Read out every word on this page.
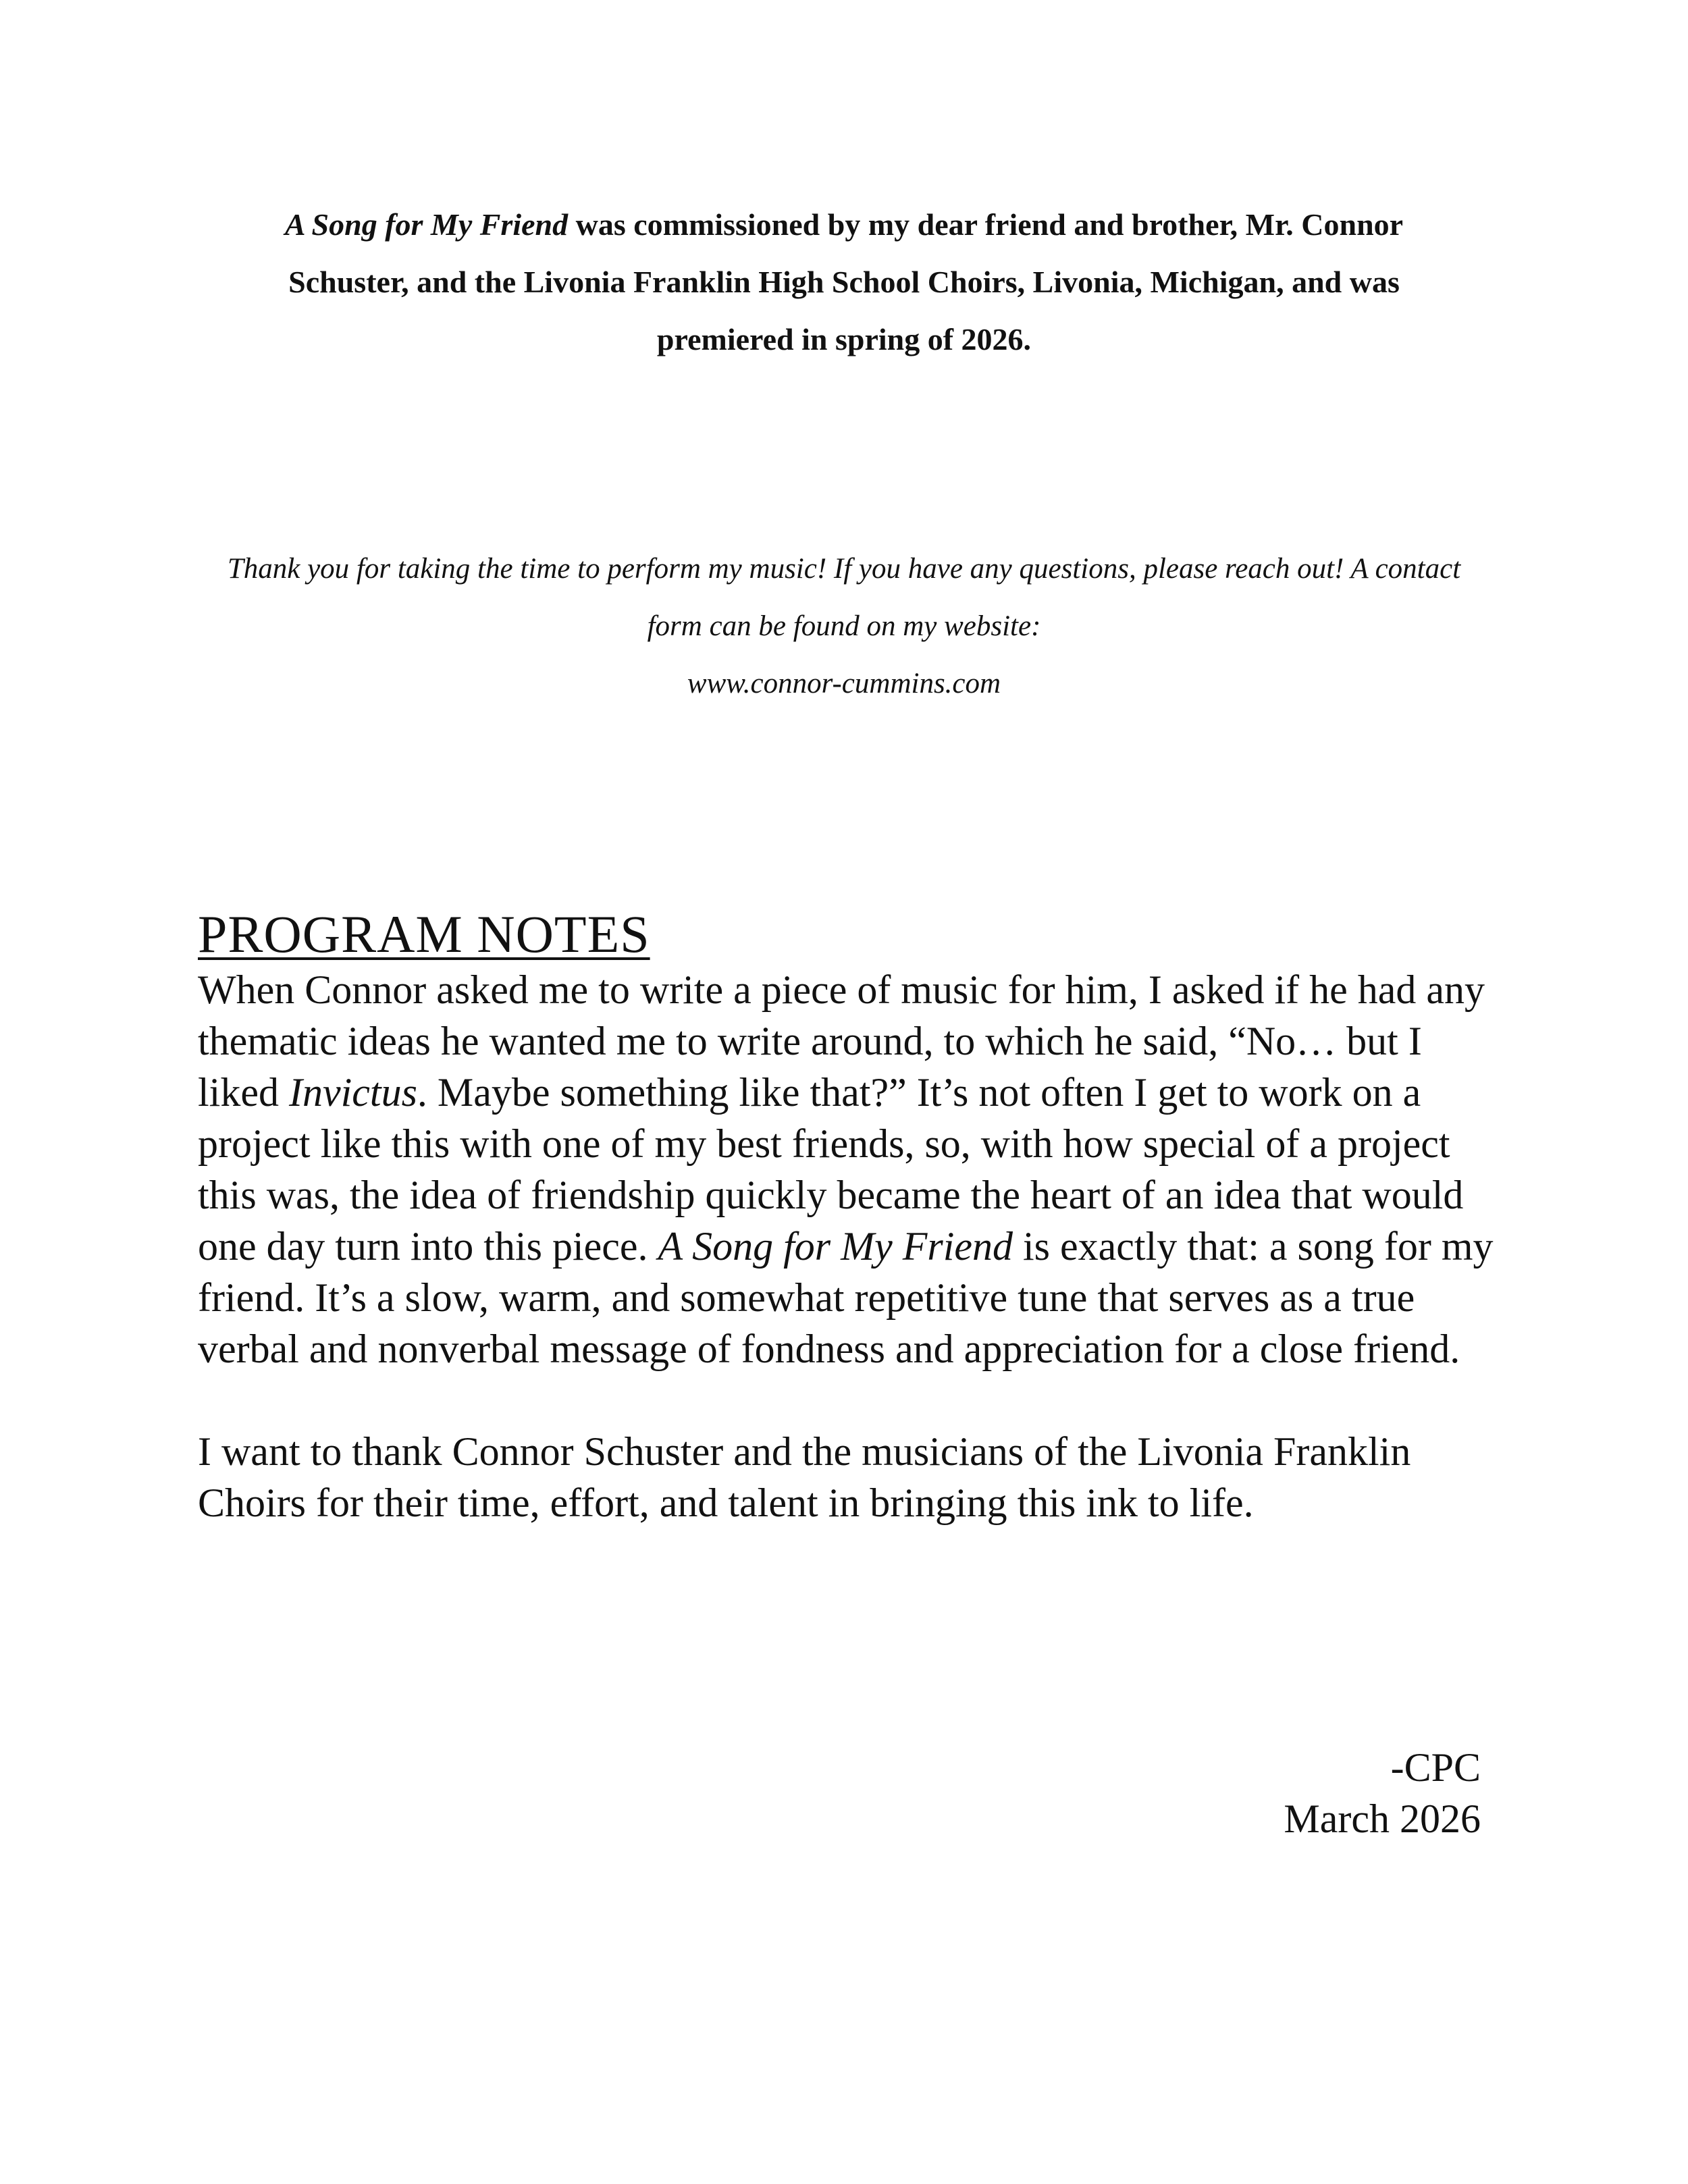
A Song for My Friend was commissioned by my dear friend and brother, Mr. Connor Schuster, and the Livonia Franklin High School Choirs, Livonia, Michigan, and was premiered in spring of 2026.
Thank you for taking the time to perform my music! If you have any questions, please reach out! A contact form can be found on my website:
www.connor-cummins.com
PROGRAM NOTES

When Connor asked me to write a piece of music for him, I asked if he had any thematic ideas he wanted me to write around, to which he said, “No… but I liked Invictus. Maybe something like that?” It’s not often I get to work on a project like this with one of my best friends, so, with how special of a project this was, the idea of friendship quickly became the heart of an idea that would one day turn into this piece. A Song for My Friend is exactly that: a song for my friend. It’s a slow, warm, and somewhat repetitive tune that serves as a true verbal and nonverbal message of fondness and appreciation for a close friend.

I want to thank Connor Schuster and the musicians of the Livonia Franklin Choirs for their time, effort, and talent in bringing this ink to life.

-CPC
March 2026
